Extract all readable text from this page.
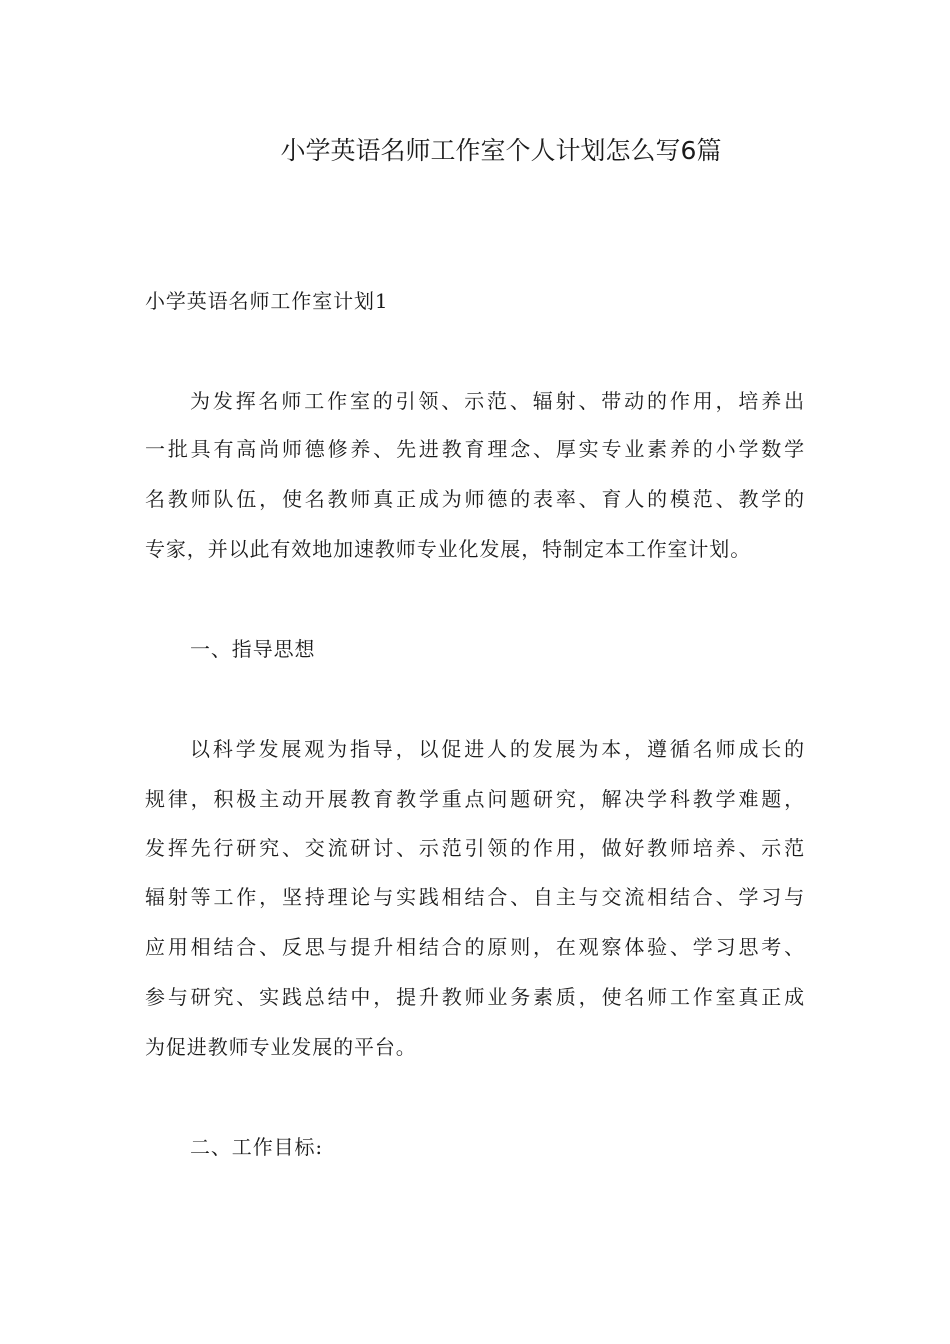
小学英语名师工作室个人计划怎么写6篇

小学英语名师工作室计划1

为发挥名师工作室的引领、示范、辐射、带动的作用，培养出

一批具有高尚师德修养、先进教育理念、厚实专业素养的小学数学

名教师队伍，使名教师真正成为师德的表率、育人的模范、教学的

专家，并以此有效地加速教师专业化发展，特制定本工作室计划。

一、指导思想

以科学发展观为指导，以促进人的发展为本，遵循名师成长的

规律，积极主动开展教育教学重点问题研究，解决学科教学难题，

发挥先行研究、交流研讨、示范引领的作用，做好教师培养、示范

辐射等工作，坚持理论与实践相结合、自主与交流相结合、学习与

应用相结合、反思与提升相结合的原则，在观察体验、学习思考、

参与研究、实践总结中，提升教师业务素质，使名师工作室真正成

为促进教师专业发展的平台。

二、工作目标:
